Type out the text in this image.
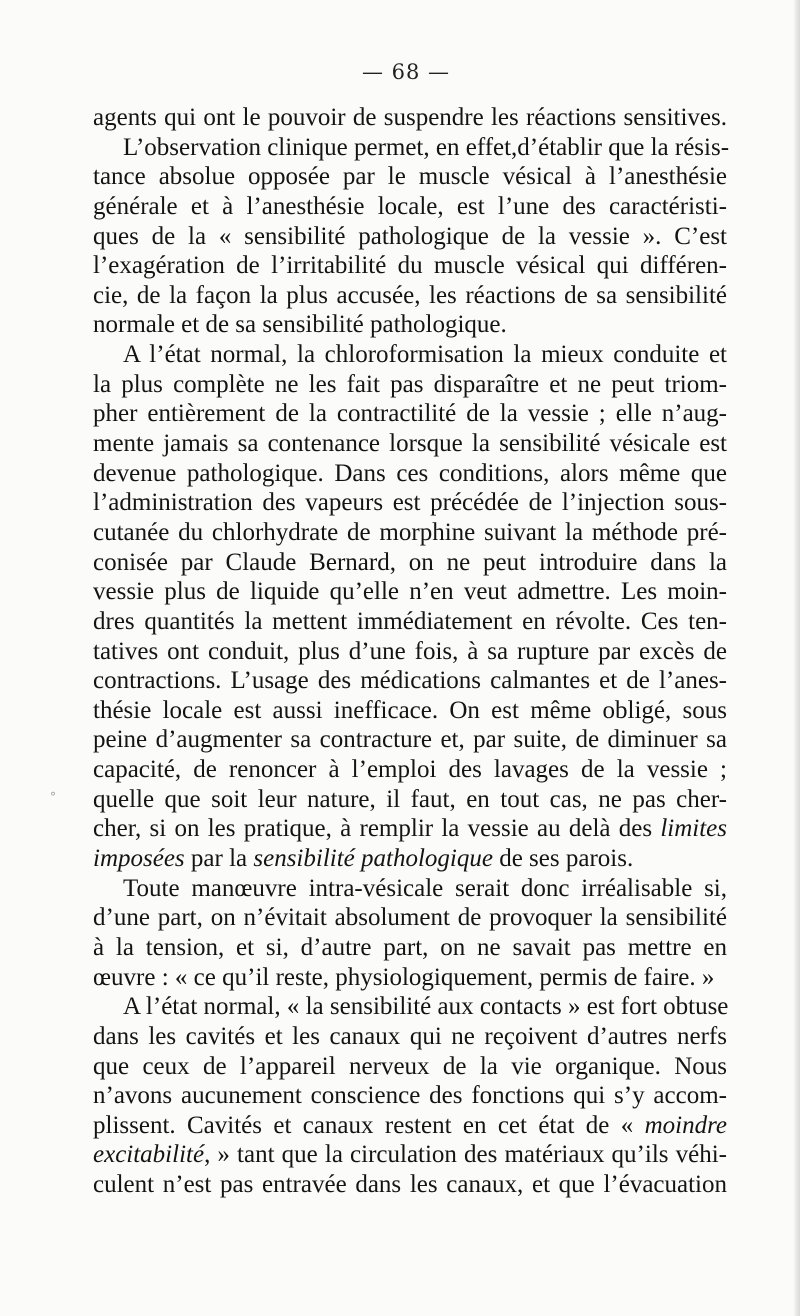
— 68 —
°
agents qui ont le pouvoir de suspendre les réactions sensitives.
L’observation clinique permet, en effet,d’établir que la résis-
tance absolue opposée par le muscle vésical à l’anesthésie
générale et à l’anesthésie locale, est l’une des caractéristi-
ques de la « sensibilité pathologique de la vessie ». C’est
l’exagération de l’irritabilité du muscle vésical qui différen-
cie, de la façon la plus accusée, les réactions de sa sensibilité
normale et de sa sensibilité pathologique.
A l’état normal, la chloroformisation la mieux conduite et
la plus complète ne les fait pas disparaître et ne peut triom-
pher entièrement de la contractilité de la vessie ; elle n’aug-
mente jamais sa contenance lorsque la sensibilité vésicale est
devenue pathologique. Dans ces conditions, alors même que
l’administration des vapeurs est précédée de l’injection sous-
cutanée du chlorhydrate de morphine suivant la méthode pré-
conisée par Claude Bernard, on ne peut introduire dans la
vessie plus de liquide qu’elle n’en veut admettre. Les moin-
dres quantités la mettent immédiatement en révolte. Ces ten-
tatives ont conduit, plus d’une fois, à sa rupture par excès de
contractions. L’usage des médications calmantes et de l’anes-
thésie locale est aussi inefficace. On est même obligé, sous
peine d’augmenter sa contracture et, par suite, de diminuer sa
capacité, de renoncer à l’emploi des lavages de la vessie ;
quelle que soit leur nature, il faut, en tout cas, ne pas cher-
cher, si on les pratique, à remplir la vessie au delà des limites
imposées par la sensibilité pathologique de ses parois.
Toute manœuvre intra-vésicale serait donc irréalisable si,
d’une part, on n’évitait absolument de provoquer la sensibilité
à la tension, et si, d’autre part, on ne savait pas mettre en
œuvre : « ce qu’il reste, physiologiquement, permis de faire. »
A l’état normal, « la sensibilité aux contacts » est fort obtuse
dans les cavités et les canaux qui ne reçoivent d’autres nerfs
que ceux de l’appareil nerveux de la vie organique. Nous
n’avons aucunement conscience des fonctions qui s’y accom-
plissent. Cavités et canaux restent en cet état de « moindre
excitabilité, » tant que la circulation des matériaux qu’ils véhi-
culent n’est pas entravée dans les canaux, et que l’évacuation
